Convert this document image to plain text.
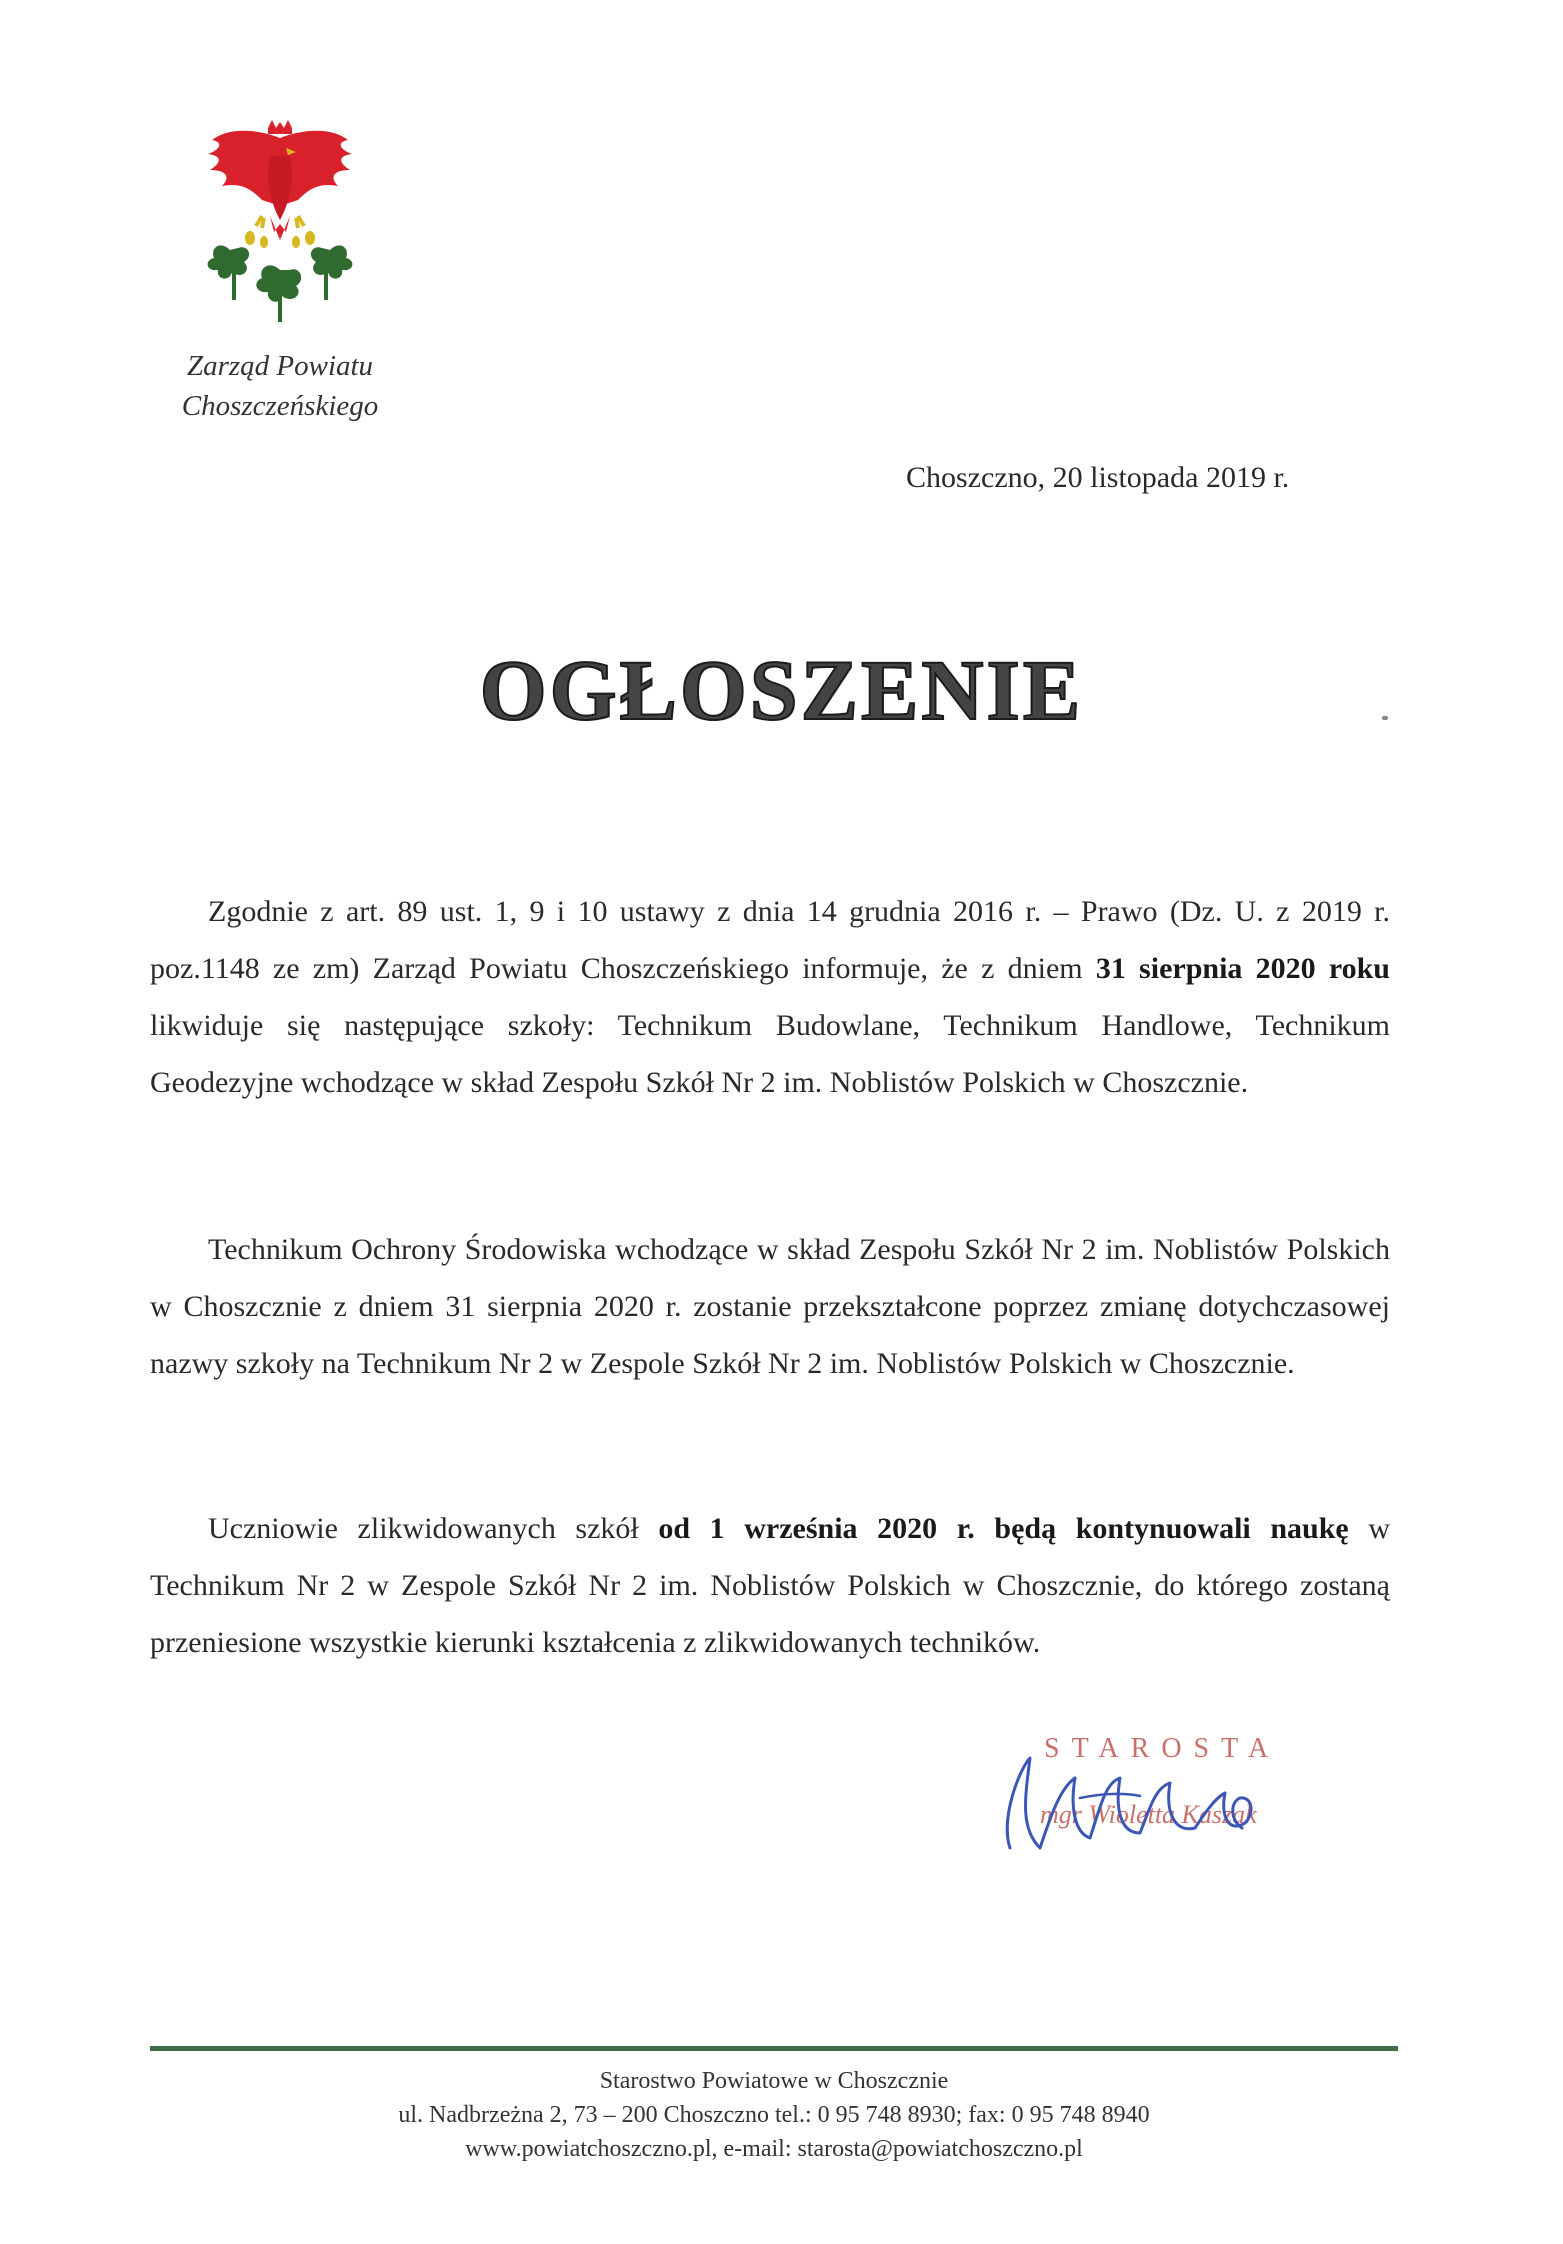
Zarząd Powiatu
Choszczeńskiego
Choszczno, 20 listopada 2019 r.
OGŁOSZENIE
Zgodnie z art. 89 ust. 1, 9 i 10 ustawy z dnia 14 grudnia 2016 r. – Prawo (Dz. U. z 2019 r. poz.1148 ze zm) Zarząd Powiatu Choszczeńskiego informuje, że z dniem 31 sierpnia 2020 roku likwiduje się następujące szkoły: Technikum Budowlane, Technikum Handlowe, Technikum Geodezyjne wchodzące w skład Zespołu Szkół Nr 2 im. Noblistów Polskich w Choszcznie.
Technikum Ochrony Środowiska wchodzące w skład Zespołu Szkół Nr 2 im. Noblistów Polskich w Choszcznie z dniem 31 sierpnia 2020 r. zostanie przekształcone poprzez zmianę dotychczasowej nazwy szkoły na Technikum Nr 2 w Zespole Szkół Nr 2 im. Noblistów Polskich w Choszcznie.
Uczniowie zlikwidowanych szkół od 1 września 2020 r. będą kontynuowali naukę w Technikum Nr 2 w Zespole Szkół Nr 2 im. Noblistów Polskich w Choszcznie, do którego zostaną przeniesione wszystkie kierunki kształcenia z zlikwidowanych techników.
STAROSTA
mgr Wioletta Kaszak
Starostwo Powiatowe w Choszcznie
ul. Nadbrzeżna 2, 73 – 200 Choszczno tel.: 0 95 748 8930; fax: 0 95 748 8940
www.powiatchoszczno.pl, e-mail: starosta@powiatchoszczno.pl
